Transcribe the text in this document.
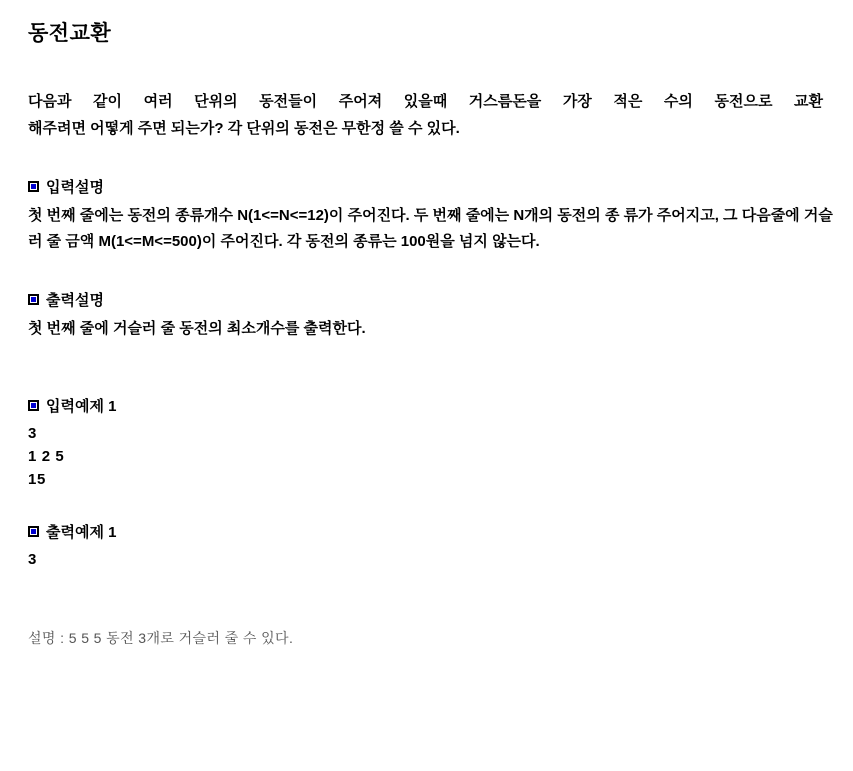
동전교환
다음과 같이 여러 단위의 동전들이 주어져 있을때 거스름돈을 가장 적은 수의 동전으로 교환
해주려면 어떻게 주면 되는가? 각 단위의 동전은 무한정 쓸 수 있다.
입력설명
첫 번째 줄에는 동전의 종류개수 N(1<=N<=12)이 주어진다. 두 번째 줄에는 N개의 동전의 종 류가 주어지고, 그 다음줄에 거슬러 줄 금액 M(1<=M<=500)이 주어진다. 각 동전의 종류는 100원을 넘지 않는다.
출력설명
첫 번째 줄에 거슬러 줄 동전의 최소개수를 출력한다.
입력예제 1
3
1 2 5
15
출력예제 1
3
설명 : 5 5 5 동전 3개로 거슬러 줄 수 있다.
